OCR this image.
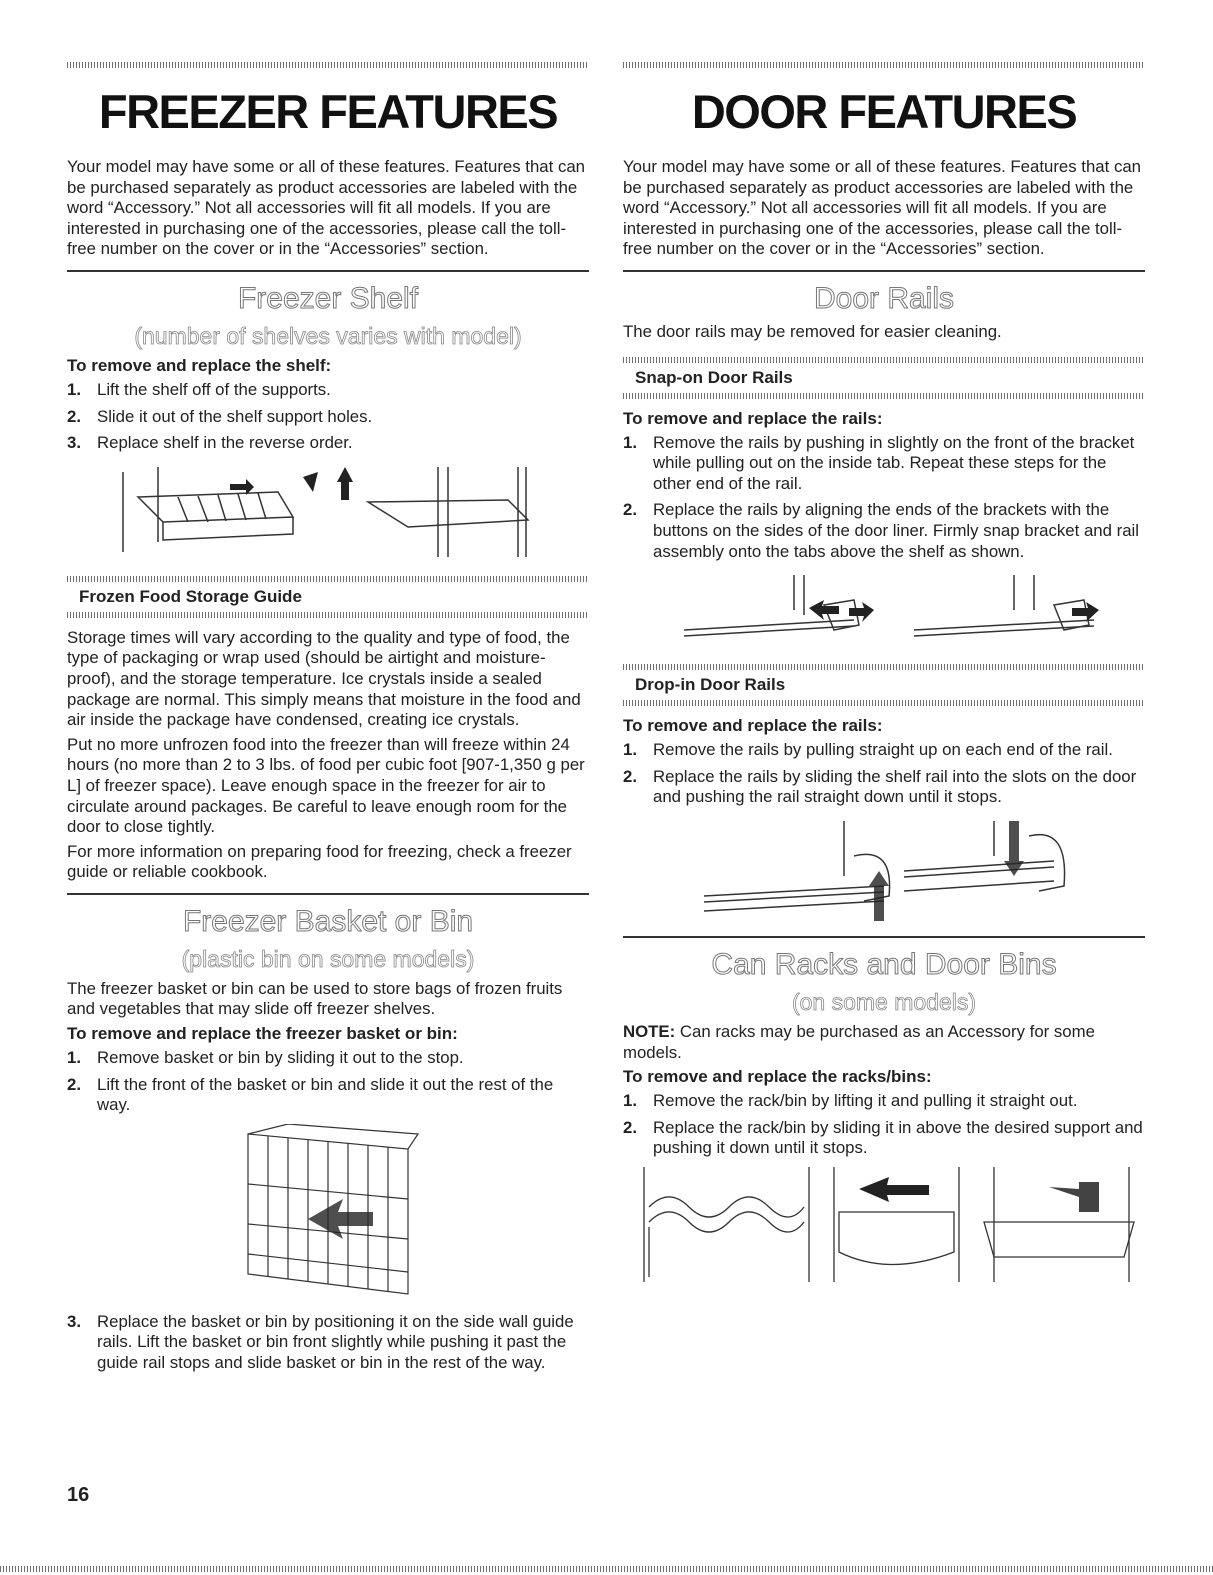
FREEZER FEATURES

Your model may have some or all of these features. Features that can be purchased separately as product accessories are labeled with the word “Accessory.” Not all accessories will fit all models. If you are interested in purchasing one of the accessories, please call the toll-free number on the cover or in the “Accessories” section.

Freezer Shelf
(number of shelves varies with model)
To remove and replace the shelf:
1. Lift the shelf off of the supports.
2. Slide it out of the shelf support holes.
3. Replace shelf in the reverse order.
Frozen Food Storage Guide

Storage times will vary according to the quality and type of food, the type of packaging or wrap used (should be airtight and moisture-proof), and the storage temperature. Ice crystals inside a sealed package are normal. This simply means that moisture in the food and air inside the package have condensed, creating ice crystals.

Put no more unfrozen food into the freezer than will freeze within 24 hours (no more than 2 to 3 lbs. of food per cubic foot [907-1,350 g per L] of freezer space). Leave enough space in the freezer for air to circulate around packages. Be careful to leave enough room for the door to close tightly.

For more information on preparing food for freezing, check a freezer guide or reliable cookbook.

Freezer Basket or Bin
(plastic bin on some models)

The freezer basket or bin can be used to store bags of frozen fruits and vegetables that may slide off freezer shelves.

To remove and replace the freezer basket or bin:
1. Remove basket or bin by sliding it out to the stop.
2. Lift the front of the basket or bin and slide it out the rest of the way.
3. Replace the basket or bin by positioning it on the side wall guide rails. Lift the basket or bin front slightly while pushing it past the guide rail stops and slide basket or bin in the rest of the way.
DOOR FEATURES

Your model may have some or all of these features. Features that can be purchased separately as product accessories are labeled with the word “Accessory.” Not all accessories will fit all models. If you are interested in purchasing one of the accessories, please call the toll-free number on the cover or in the “Accessories” section.

Door Rails

The door rails may be removed for easier cleaning.

Snap-on Door Rails
To remove and replace the rails:
1. Remove the rails by pushing in slightly on the front of the bracket while pulling out on the inside tab. Repeat these steps for the other end of the rail.
2. Replace the rails by aligning the ends of the brackets with the buttons on the sides of the door liner. Firmly snap bracket and rail assembly onto the tabs above the shelf as shown.
Drop-in Door Rails
To remove and replace the rails:
1. Remove the rails by pulling straight up on each end of the rail.
2. Replace the rails by sliding the shelf rail into the slots on the door and pushing the rail straight down until it stops.
Can Racks and Door Bins
(on some models)

NOTE: Can racks may be purchased as an Accessory for some models.

To remove and replace the racks/bins:
1. Remove the rack/bin by lifting it and pulling it straight out.
2. Replace the rack/bin by sliding it in above the desired support and pushing it down until it stops.
16
